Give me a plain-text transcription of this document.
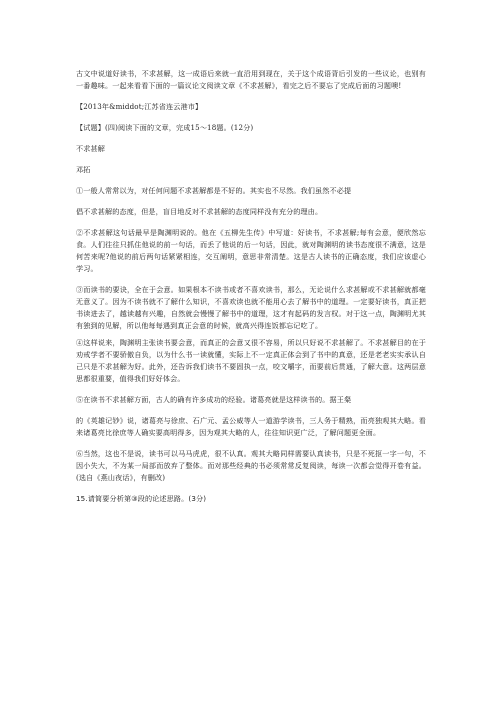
古文中说道好读书，不求甚解，这一成语后来就一直沿用到现在，关于这个成语背后引发的一些议论，也别有一番趣味。一起来看看下面的一篇议论文阅读文章《不求甚解》，看完之后不要忘了完成后面的习题噢!

【2013年&middot;江苏省连云港市】

【试题】(四)阅读下面的文章，完成15～18题。(12分)

不求甚解

邓拓

①一般人常常以为，对任何问题不求甚解都是不好的。其实也不尽然。我们虽然不必提

倡不求甚解的态度，但是，盲目地反对不求甚解的态度同样没有充分的理由。

②不求甚解这句话最早是陶渊明说的。他在《五柳先生传》中写道：好读书，不求甚解;每有会意，便欣然忘食。人们往往只抓住他说的前一句话，而丢了他说的后一句话，因此，就对陶渊明的读书态度很不满意，这是何苦来呢?他说的前后两句话紧紧相连，交互阐明，意思非常清楚。这是古人读书的正确态度，我们应该虚心学习。

③而读书的要诀，全在于会意。如果根本不读书或者不喜欢读书，那么，无论说什么求甚解或不求甚解就都毫无意义了。因为不读书就不了解什么知识，不喜欢读也就不能用心去了解书中的道理。一定要好读书，真正把书读进去了，越读越有兴趣，自然就会慢慢了解书中的道理，这才有起码的发言权。对于这一点，陶渊明尤其有独到的见解，所以他每每遇到真正会意的时候，就高兴得连饭都忘记吃了。

④这样说来，陶渊明主张读书要会意，而真正的会意又很不容易，所以只好说不求甚解了。不求甚解目的在于劝戒学者不要骄傲自负，以为什么书一读就懂，实际上不一定真正体会到了书中的真意，还是老老实实承认自己只是不求甚解为好。此外，还告诉我们读书不要固执一点，咬文嚼字，而要前后贯通，了解大意。这两层意思都很重要，值得我们好好体会。

⑤在读书不求甚解方面，古人的确有许多成功的经验。诸葛亮就是这样读书的。据王粲

的《英雄记钞》说，诸葛亮与徐庶、石广元、孟公威等人一道游学读书，三人务于精熟，而亮独观其大略。看来诸葛亮比徐庶等人确实要高明得多，因为观其大略的人，往往知识更广泛，了解问题更全面。

⑥当然，这也不是说，读书可以马马虎虎，很不认真。观其大略同样需要认真读书，只是不死抠一字一句，不因小失大，不为某一局部而放弃了整体。而对那些经典的书必须常常反复阅读，每读一次都会觉得开卷有益。 (选自《燕山夜话》，有删改)

15.请简要分析第③段的论述思路。(3分)
